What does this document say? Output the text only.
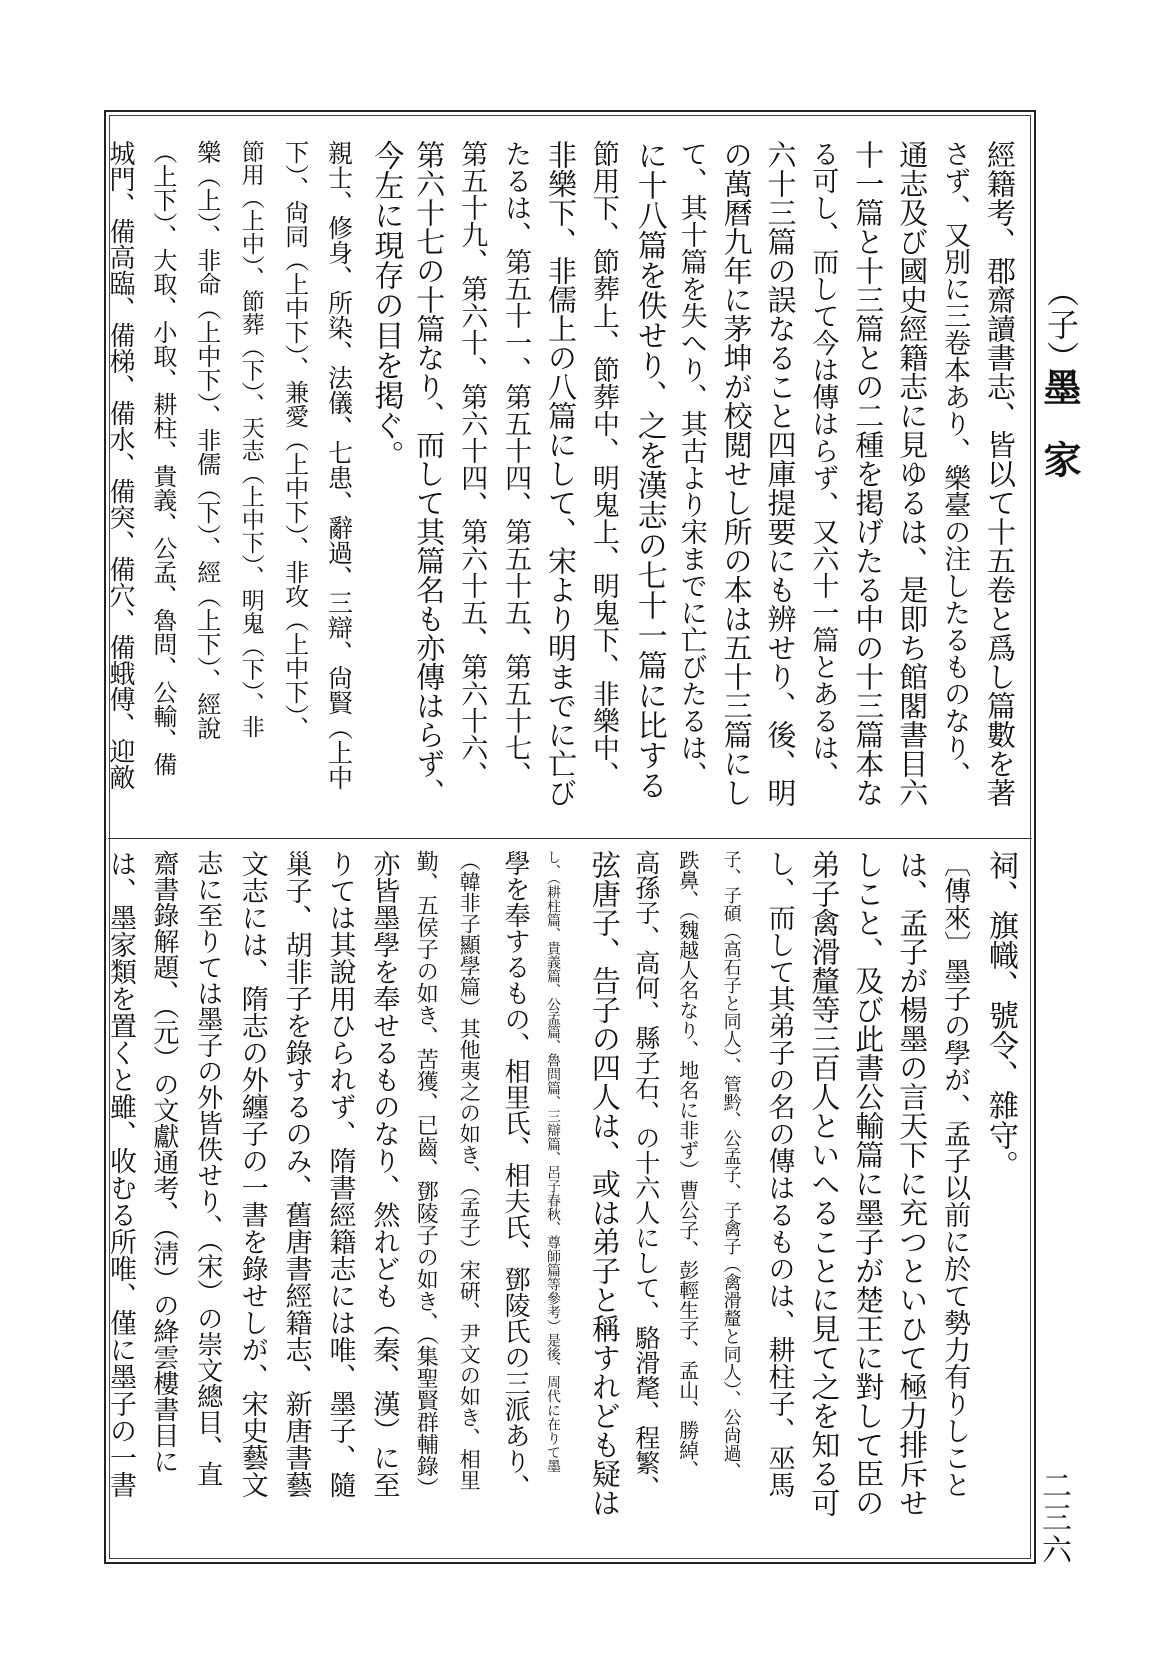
（子）
墨家
二三六
經籍考、郡齋讀書志、皆以て十五卷と爲し篇數を著
さず、又別に三卷本あり、樂臺の注したるものなり、
通志及び國史經籍志に見ゆるは、是即ち館閣書目六
十一篇と十三篇との二種を掲げたる中の十三篇本な
る可し、而して今は傳はらず、又六十一篇とあるは、
六十三篇の誤なること四庫提要にも辨せり、後、明
の萬曆九年に茅坤が校閲せし所の本は五十三篇にし
て、其十篇を失へり、其古より宋までに亡びたるは、
に十八篇を佚せり、之を漢志の七十一篇に比する
節用下、節葬上、節葬中、明鬼上、明鬼下、非樂中、
非樂下、非儒上の八篇にして、宋より明までに亡び
たるは、第五十一、第五十四、第五十五、第五十七、
第五十九、第六十、第六十四、第六十五、第六十六、
第六十七の十篇なり、而して其篇名も亦傳はらず、
今左に現存の目を掲ぐ。
親士、修身、所染、法儀、七患、辭過、三辯、尙賢（上中
下）、尙同（上中下）、兼愛（上中下）、非攻（上中下）、
節用（上中）、節葬（下）、天志（上中下）、明鬼（下）、非
樂（上）、非命（上中下）、非儒（下）、經（上下）、經說
（上下）、大取、小取、耕柱、貴義、公孟、魯問、公輸、備
城門、備高臨、備梯、備水、備突、備穴、備蛾傅、迎敵
祠、旗幟、號令、雜守。
〔傳來〕墨子の學が、孟子以前に於て勢力有りしこと
は、孟子が楊墨の言天下に充つといひて極力排斥せ
しこと、及び此書公輸篇に墨子が楚王に對して臣の
弟子禽滑釐等三百人といへることに見て之を知る可
し、而して其弟子の名の傳はるものは、耕柱子、巫馬
子、子碩（高石子と同人）、管黔、公孟子、子禽子（禽滑釐と同人）、公尙過、
跌鼻、（魏越人名なり、地名に非ず）曹公子、彭輕生子、孟山、勝綽、
高孫子、高何、縣子石、の十六人にして、駱滑氂、程繁、
弦唐子、告子の四人は、或は弟子と稱すれども疑は
し、（耕柱篇、貴義篇、公孟篇、魯問篇、三辯篇、呂子春秋、尊師篇等參考）是後、周代に在りて墨
學を奉するもの、相里氏、相夫氏、鄧陵氏の三派あり、
（韓非子顯學篇）其他夷之の如き、（孟子）宋硏、尹文の如き、相里
勤、五侯子の如き、苦獲、已齒、鄧陵子の如き、（集聖賢群輔錄）
亦皆墨學を奉せるものなり、然れども（秦、漢）に至
りては其說用ひられず、隋書經籍志には唯、墨子、隨
巢子、胡非子を錄するのみ、舊唐書經籍志、新唐書藝
文志には、隋志の外纏子の一書を錄せしが、宋史藝文
志に至りては墨子の外皆佚せり、（宋）の崇文總目、直
齋書錄解題、（元）の文獻通考、（淸）の絳雲樓書目に
は、墨家類を置くと雖、收むる所唯、僅に墨子の一書
